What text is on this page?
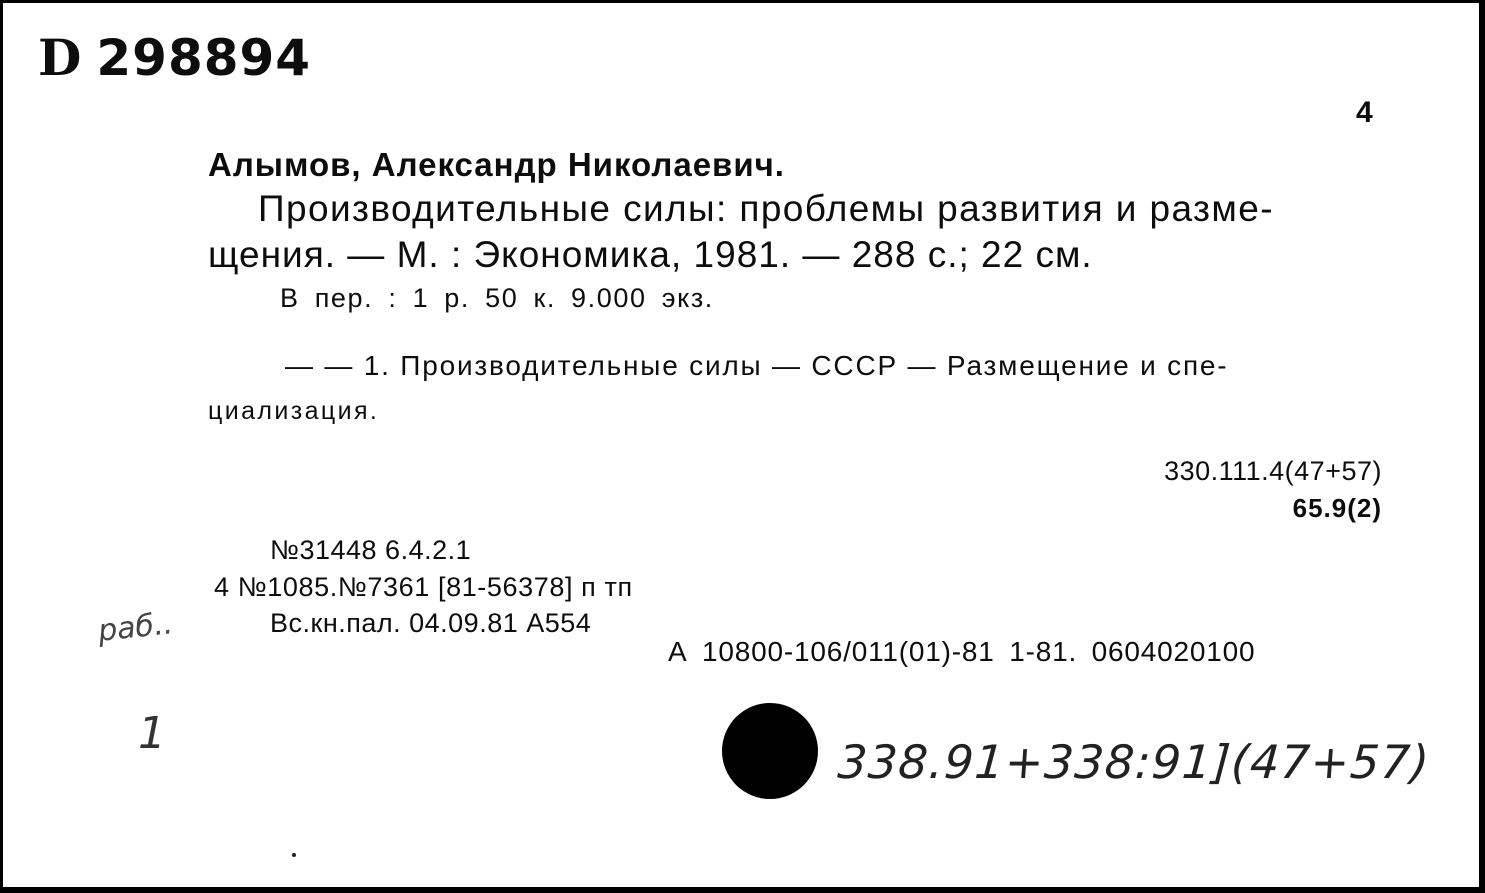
D 298894
4
Алымов, Александр Николаевич.
Производительные силы: проблемы развития и разме-
щения. — М. : Экономика, 1981. — 288 с.; 22 см.
В пер. : 1 р. 50 к. 9.000 экз.
— — 1. Производительные силы — СССР — Размещение и спе-
циализация.
330.111.4(47+57)
65.9(2)
№31448 6.4.2.1
4 №1085.№7361 [81-56378] п тп
Вс.кн.пал. 04.09.81 А554
А 10800-106/011(01)-81 1-81. 0604020100
338.91+338:91](47+57)
раб..
1
